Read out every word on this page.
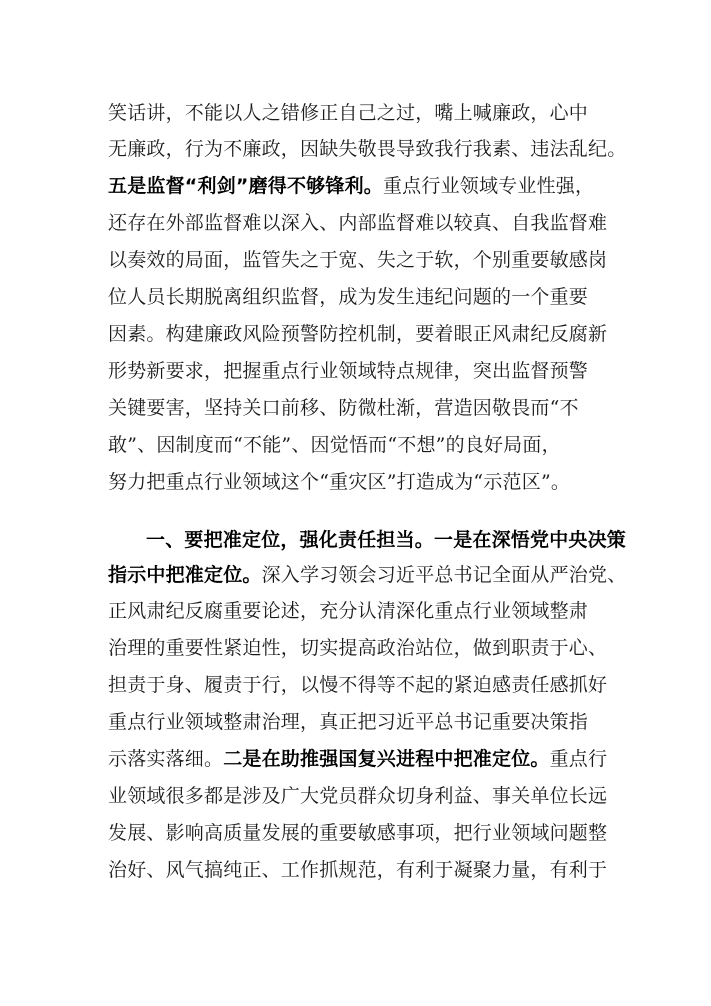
笑话讲，不能以人之错修正自己之过，嘴上喊廉政，心中
无廉政，行为不廉政，因缺失敬畏导致我行我素、违法乱纪。
五是监督“利剑”磨得不够锋利。重点行业领域专业性强，
还存在外部监督难以深入、内部监督难以较真、自我监督难
以奏效的局面，监管失之于宽、失之于软，个别重要敏感岗
位人员长期脱离组织监督，成为发生违纪问题的一个重要
因素。构建廉政风险预警防控机制，要着眼正风肃纪反腐新
形势新要求，把握重点行业领域特点规律，突出监督预警
关键要害，坚持关口前移、防微杜渐，营造因敬畏而“不
敢”、因制度而“不能”、因觉悟而“不想”的良好局面，
努力把重点行业领域这个“重灾区”打造成为“示范区”。
一、要把准定位，强化责任担当。一是在深悟党中央决策
指示中把准定位。深入学习领会习近平总书记全面从严治党、
正风肃纪反腐重要论述，充分认清深化重点行业领域整肃
治理的重要性紧迫性，切实提高政治站位，做到职责于心、
担责于身、履责于行，以慢不得等不起的紧迫感责任感抓好
重点行业领域整肃治理，真正把习近平总书记重要决策指
示落实落细。二是在助推强国复兴进程中把准定位。重点行
业领域很多都是涉及广大党员群众切身利益、事关单位长远
发展、影响高质量发展的重要敏感事项，把行业领域问题整
治好、风气搞纯正、工作抓规范，有利于凝聚力量，有利于
